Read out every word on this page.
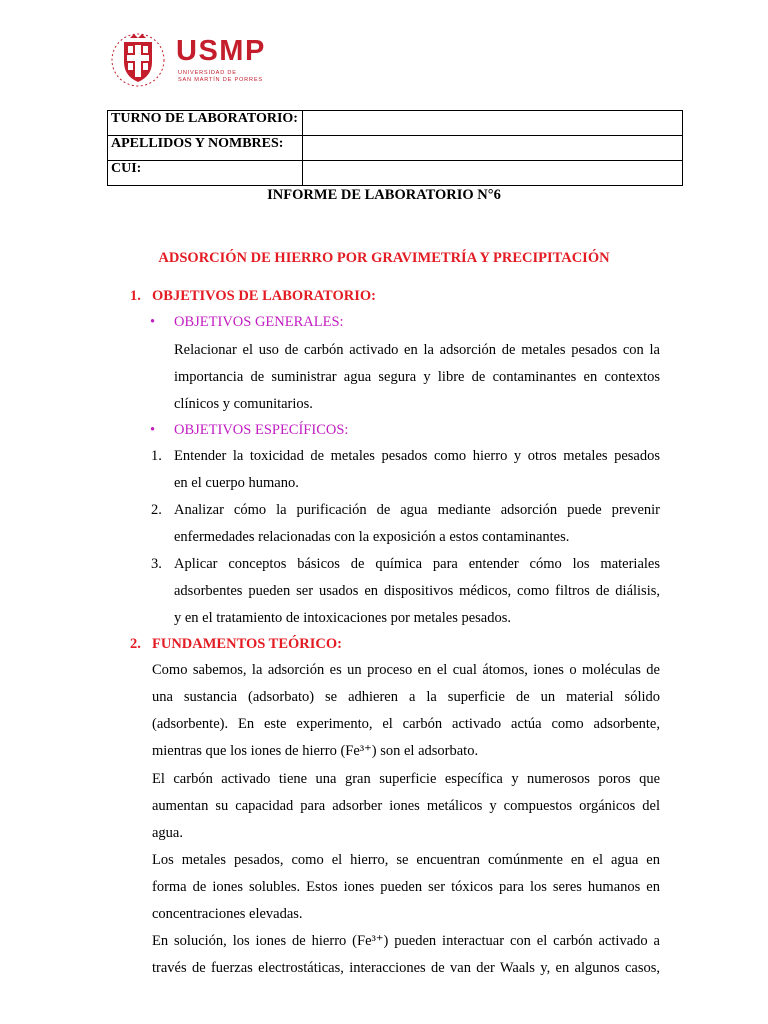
USMP
UNIVERSIDAD DE
SAN MARTÍN DE PORRES
TURNO DE LABORATORIO:	
APELLIDOS Y NOMBRES:	
CUI:	
INFORME DE LABORATORIO N°6
ADSORCIÓN DE HIERRO POR GRAVIMETRÍA Y PRECIPITACIÓN
1. OBJETIVOS DE LABORATORIO:
• OBJETIVOS GENERALES:
Relacionar el uso de carbón activado en la adsorción de metales pesados con la
importancia de suministrar agua segura y libre de contaminantes en contextos
clínicos y comunitarios.
• OBJETIVOS ESPECÍFICOS:
1. Entender la toxicidad de metales pesados como hierro y otros metales pesados
en el cuerpo humano.
2. Analizar cómo la purificación de agua mediante adsorción puede prevenir
enfermedades relacionadas con la exposición a estos contaminantes.
3. Aplicar conceptos básicos de química para entender cómo los materiales
adsorbentes pueden ser usados en dispositivos médicos, como filtros de diálisis,
y en el tratamiento de intoxicaciones por metales pesados.
2. FUNDAMENTOS TEÓRICO:
Como sabemos, la adsorción es un proceso en el cual átomos, iones o moléculas de
una sustancia (adsorbato) se adhieren a la superficie de un material sólido
(adsorbente). En este experimento, el carbón activado actúa como adsorbente,
mientras que los iones de hierro (Fe³⁺) son el adsorbato.
El carbón activado tiene una gran superficie específica y numerosos poros que
aumentan su capacidad para adsorber iones metálicos y compuestos orgánicos del
agua.
Los metales pesados, como el hierro, se encuentran comúnmente en el agua en
forma de iones solubles. Estos iones pueden ser tóxicos para los seres humanos en
concentraciones elevadas.
En solución, los iones de hierro (Fe³⁺) pueden interactuar con el carbón activado a
través de fuerzas electrostáticas, interacciones de van der Waals y, en algunos casos,
